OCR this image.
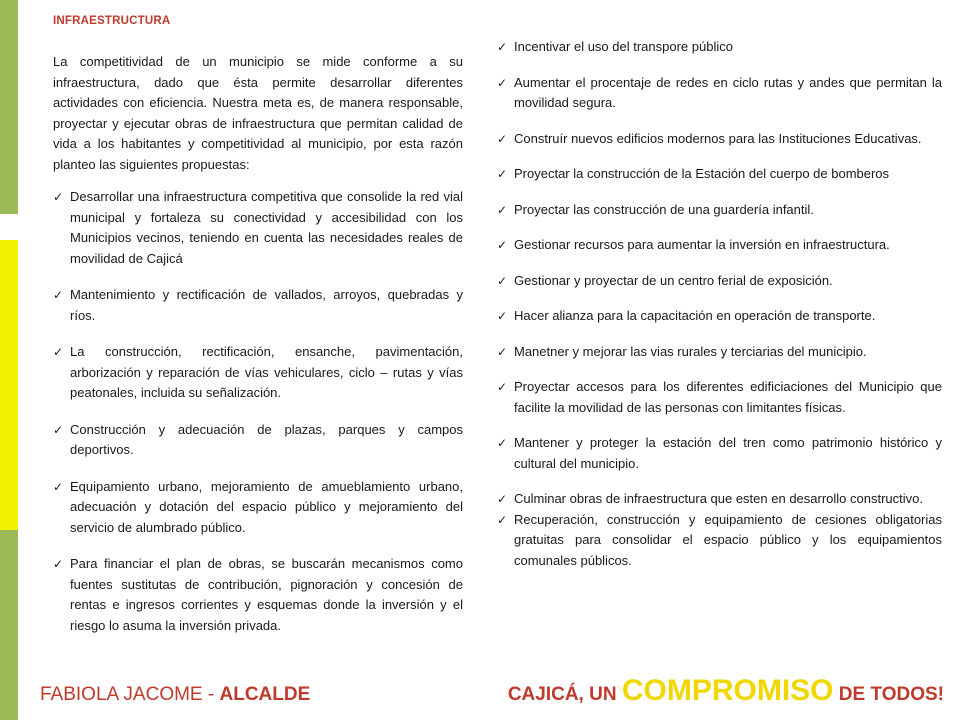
INFRAESTRUCTURA

La competitividad de un municipio se mide conforme a su infraestructura, dado que ésta permite desarrollar diferentes actividades con eficiencia. Nuestra meta es, de manera responsable, proyectar y ejecutar obras de infraestructura que permitan calidad de vida a los habitantes y competitividad al municipio, por esta razón planteo las siguientes propuestas:

✓ Desarrollar una infraestructura competitiva que consolide la red vial municipal y fortaleza su conectividad y accesibilidad con los Municipios vecinos, teniendo en cuenta las necesidades reales de movilidad de Cajicá
✓ Mantenimiento y rectificación de vallados, arroyos, quebradas y ríos.
✓ La construcción, rectificación, ensanche, pavimentación, arborización y reparación de vías vehiculares, ciclo – rutas y vías peatonales, incluida su señalización.
✓ Construcción y adecuación de plazas, parques y campos deportivos.
✓ Equipamiento urbano, mejoramiento de amueblamiento urbano, adecuación y dotación del espacio público y mejoramiento del servicio de alumbrado público.
✓ Para financiar el plan de obras, se buscarán mecanismos como fuentes sustitutas de contribución, pignoración y concesión de rentas e ingresos corrientes y esquemas donde la inversión y el riesgo lo asuma la inversión privada.
✓ Incentivar el uso del transpore público
✓ Aumentar el procentaje de redes en ciclo rutas y andes que permitan la movilidad segura.
✓ Construír nuevos edificios modernos para las Instituciones Educativas.
✓ Proyectar la construcción de la Estación del cuerpo de bomberos
✓ Proyectar las construcción de una guardería infantil.
✓ Gestionar recursos para aumentar la inversión en infraestructura.
✓ Gestionar y proyectar de un centro ferial de exposición.
✓ Hacer alianza para la capacitación en operación de transporte.
✓ Manetner y mejorar las vias rurales y terciarias del municipio.
✓ Proyectar accesos para los diferentes edificiaciones del Municipio que facilite la movilidad de las personas con limitantes físicas.
✓ Mantener y proteger la estación del tren como patrimonio histórico y cultural del municipio.
✓ Culminar obras de infraestructura que esten en desarrollo constructivo.
✓ Recuperación, construcción y equipamiento de cesiones obligatorias gratuitas para consolidar el espacio público y los equipamientos comunales públicos.
FABIOLA JACOME - ALCALDE	CAJICÁ, UN COMPROMISO DE TODOS!
